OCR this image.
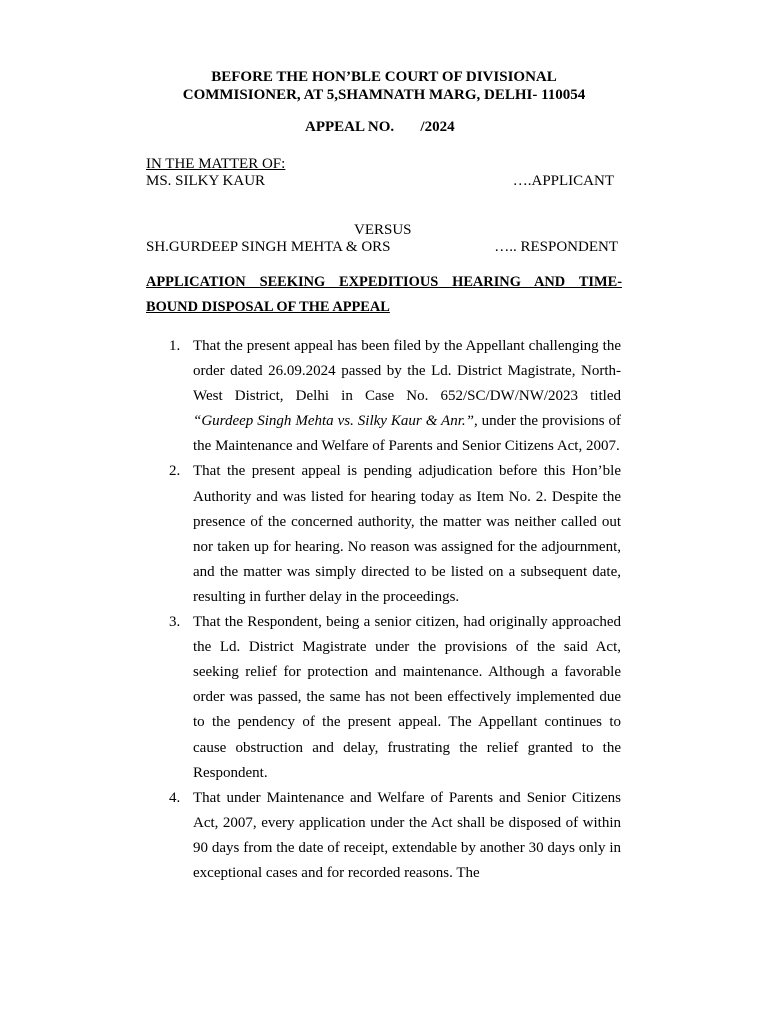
BEFORE THE HON’BLE COURT OF DIVISIONAL
COMMISIONER, AT 5,SHAMNATH MARG, DELHI- 110054
APPEAL NO.       /2024
IN THE MATTER OF:
MS. SILKY KAUR	….APPLICANT
VERSUS
SH.GURDEEP SINGH MEHTA & ORS	….. RESPONDENT
APPLICATION SEEKING EXPEDITIOUS HEARING AND TIME-BOUND DISPOSAL OF THE APPEAL
1. That the present appeal has been filed by the Appellant challenging the order dated 26.09.2024 passed by the Ld. District Magistrate, North-West District, Delhi in Case No. 652/SC/DW/NW/2023 titled “Gurdeep Singh Mehta vs. Silky Kaur & Anr.”, under the provisions of the Maintenance and Welfare of Parents and Senior Citizens Act, 2007.
2. That the present appeal is pending adjudication before this Hon’ble Authority and was listed for hearing today as Item No. 2. Despite the presence of the concerned authority, the matter was neither called out nor taken up for hearing. No reason was assigned for the adjournment, and the matter was simply directed to be listed on a subsequent date, resulting in further delay in the proceedings.
3. That the Respondent, being a senior citizen, had originally approached the Ld. District Magistrate under the provisions of the said Act, seeking relief for protection and maintenance. Although a favorable order was passed, the same has not been effectively implemented due to the pendency of the present appeal. The Appellant continues to cause obstruction and delay, frustrating the relief granted to the Respondent.
4. That under Maintenance and Welfare of Parents and Senior Citizens Act, 2007, every application under the Act shall be disposed of within 90 days from the date of receipt, extendable by another 30 days only in exceptional cases and for recorded reasons. The
